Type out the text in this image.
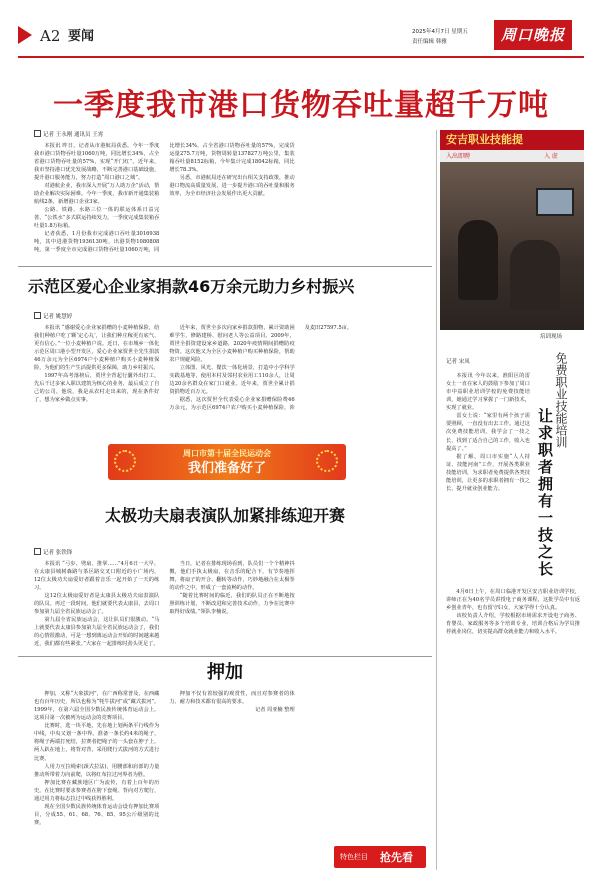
A2 要闻	2025年4月7日 星期五
责任编辑 韩雅	周口晚报
一季度我市港口货物吞吐量超千万吨
记者 王永刚 通讯员 王霄

本报讯 昨日，记者从市港航局获悉，今年一季度我市港口货物吞吐量1060万吨，同比增长34%，占全省港口货物吞吐量的57%，实现“开门红”。近年来，我市坚持港口优先发展战略，不断完善港口基础设施，提升港口服务能力，努力打造“周口港口之城”。

对港航企业，我市深入开展“万人助万企”活动，帮助企业解决实际困难。今年一季度，我市新开通集装箱航线2条，新增港口企业3家。

公路、铁路、水路三位一体的联运体系日益完善，“公铁水”多式联运持续发力，一季度完成集装箱吞吐量1.8万标箱。

记者获悉，1月份我市完成港口吞吐量3016938吨，其中进港货物1936130吨，出港货物1080808吨。第一季度全市完成港口货物吞吐量1060万吨，同比增长34%，占全省港口货物吞吐量的57%，完成货运量275.7万吨，货物周转量137827万吨公里，集装箱吞吐量8152标箱，今年集计完成18042标箱，同比增长78.3%。

另悉，市港航局还在研究出台相关支持政策，推动港口物流高质量发展，进一步提升港口的吞吐量和服务效率，为全市经济社会发展作出更大贡献。

安吉职业技能提
入出即聘	入 虚
培训现场
示范区爱心企业家捐款46万余元助力乡村振兴
记者 姚慧婷

本报讯 “感谢爱心企业家捐赠的小麦种植保险，给我们种植户吃了颗‘定心丸’，让我们种庄稼更有底气、更有信心。”一位小麦种植户说。近日，在市城乡一体化示范区周口港小型开发区，爱心企业家贾世全先生捐款46万余元为全区6974户小麦种植户购买小麦种植保险，为他们的生产生活提供更多保障，助力乡村振兴。

1997年高考落榜后，贾世全背起行囊外出打工，先后干过多家入职以建筑为核心的业务，最后成立了自己的公司。他说，我是从农村走出来的，现在条件好了，想为家乡做点实事。

近年来，贾世全多次向家乡捐款捐物，累计资助困难学生、修路建桥、慰问老人等公益项目。2009年，贾世全捐资建设家乡道路，2020年疫情期间捐赠防疫物资。这次他又为全区小麦种植户购买种植保险，帮助农户规避风险。

立体图、风光、餐饮一体化场景，打造中小学科学实践基地等，使用本村及邻村农业用工110余人，让周边20余名群众在家门口就业。近年来，贾世全累计捐资捐物近百万元。

据悉，这次贾世全代表爱心企业家捐赠保险费46万余元，为示范区6974户农户购买小麦种植保险，涉及麦田27597.5亩。

周口市第十届全民运动会
我们准备好了
太极功夫扇表演队加紧排练迎开赛
记者 张铁锋

本报讯 “弓步、劈扇、推掌……”4月6日一大早，在太康县城树森路与茶区路交叉口附近的小广场内，12位太极功夫扇爱好者跟着音乐一起开始了一天的练习。

这12位太极扇爱好者是太康县太极功夫扇表演队的队员。再过一段时间，他们就要代表太康县，去周口参加第九届全省民族运动会了。

第九届全省民族运动会，这让队员们很激动。“马上就要代表太康县参加第九届全省民族运动会了，我们的心情很激动，可是一想到离运动会开始的时间越来越近，我们都有些紧张。”大家在一起排练时劲头更足了。

当日，记者在排练现场看到，队员们一个个精神抖擞，他们手执太极扇，在音乐的配合下，有节奏地挥舞，将扇子的开合、翻转等动作，巧妙地融合在太极拳的动作之中，形成了一套流畅的动作。

“随着比赛时间的临近，我们的队员正在不断地按照训练计划，不断改进和完善技术动作，力争在比赛中取得好成绩。”领队李楠说。

押加

押加，又称“大象拔河”，在广西称常普及，在西藏也有百年历史，所以也称为“牦牛拔河”或“藏式拔河”。1999年，在第六届全国少数民族传统体育运动会上，这项目第一次被列为运动会的竞赛项目。

比赛时，选一块平地，先在地上划两条平行线作为中线，中央又划一条中界。准备一条长约4米的绳子，将绳子两端打死结，拉赛者把绳子的一头套在脖子上，两人趴在地上，将背对背，采用爬行式拔河的方式进行比赛。

人用力互拉绳索(颈式拉法)，用腰部和肩部的力量推动所带着力向前爬，以将红布拉过河界者为胜。

押加比赛在藏族地区广为流传，有着上百年的历史。在比赛时要求参赛者在胯下套绳、背向对方爬行，通过用力将标志拉过中线获得胜利。

现在全国少数民族传统体育运动会设有押加比赛项目，分成55、61、68、76、85、95公斤级别的比赛。

押加不仅有着较强的观赏性，而且对参赛者的体力、耐力和技术都有很高的要求。

记者 周亚楠 整理

特色栏目 抢先看
记者 宋凤	免费职业技能培训
让求职者拥有一技之长

本报讯 今年以来，淮阳区的雷女士一直在家人的鼓励下参加了周口市中益职业培训学校的免费技能培训，她通过学习掌握了一门新技术，实现了就业。

雷女士说：“家里有两个孩子需要照顾，一直没有出去工作。通过这次免费技能培训，我学会了一技之长，找到了适合自己的工作，收入也提高了。”

据了解，周口市实施“人人持证、技能河南”工作，开展各类职业技能培训，为求职者免费提供各类技能培训，让更多的求职者拥有一技之长，提升就业创业能力。

4月6日上午，在周口临港开发区安吉职业培训学校，讲师正在为40名学员讲授电子商务课程，这批学员中有返乡创业青年，也有留守妇女，大家学得十分认真。

该校负责人介绍，学校根据市场需求开设电子商务、育婴员、家政服务等多个培训专业，培训合格后为学员推荐就业岗位，切实提高群众就业能力和收入水平。
